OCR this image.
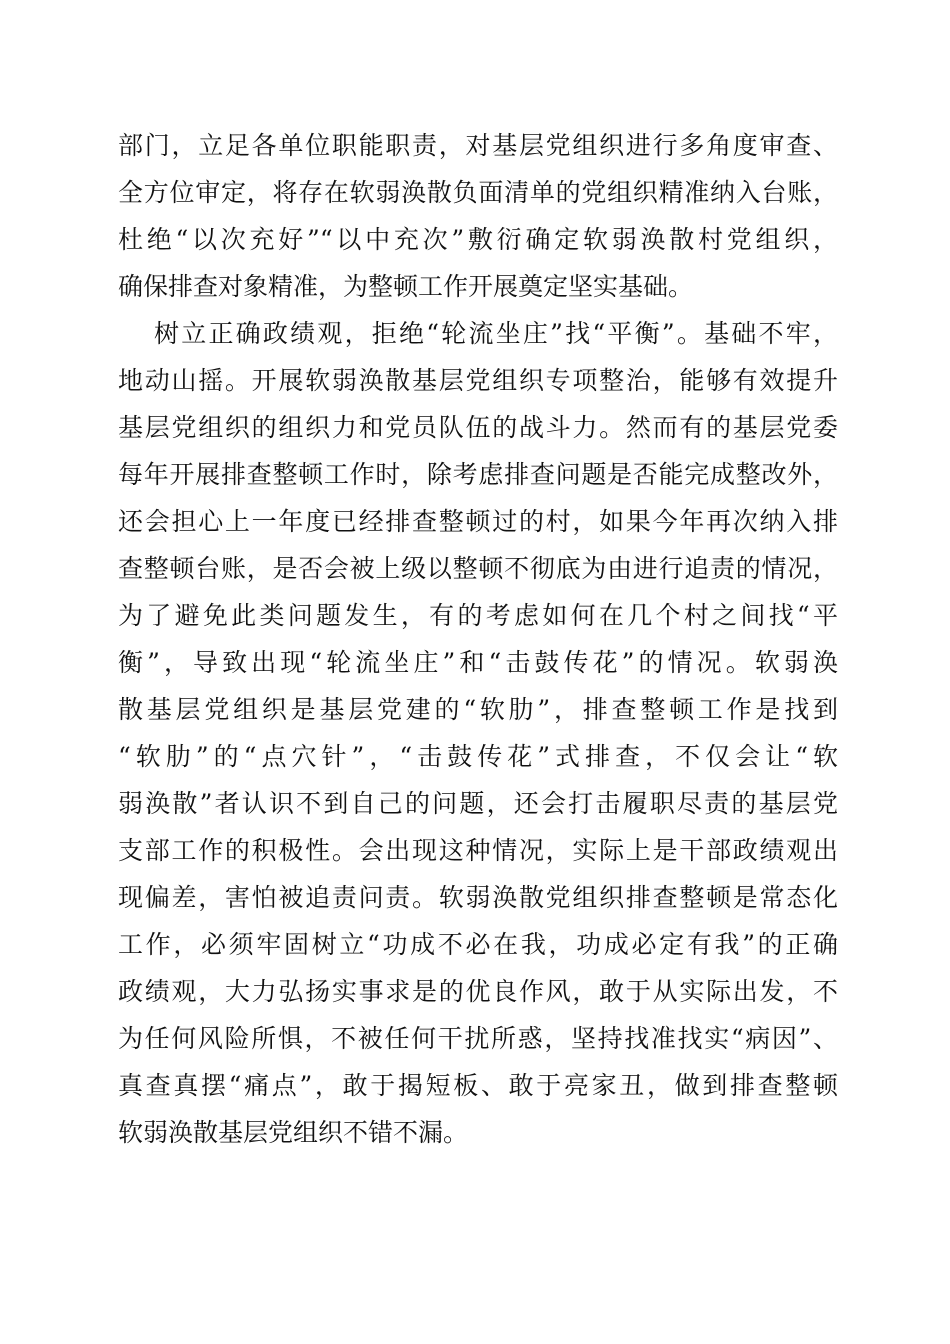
部门，立足各单位职能职责，对基层党组织进行多角度审查、
全方位审定，将存在软弱涣散负面清单的党组织精准纳入台账，
杜绝“以次充好”“以中充次”敷衍确定软弱涣散村党组织，
确保排查对象精准，为整顿工作开展奠定坚实基础。
树立正确政绩观，拒绝“轮流坐庄”找“平衡”。基础不牢，
地动山摇。开展软弱涣散基层党组织专项整治，能够有效提升
基层党组织的组织力和党员队伍的战斗力。然而有的基层党委
每年开展排查整顿工作时，除考虑排查问题是否能完成整改外，
还会担心上一年度已经排查整顿过的村，如果今年再次纳入排
查整顿台账，是否会被上级以整顿不彻底为由进行追责的情况，
为了避免此类问题发生，有的考虑如何在几个村之间找“平
衡”，导致出现“轮流坐庄”和“击鼓传花”的情况。软弱涣
散基层党组织是基层党建的“软肋”，排查整顿工作是找到
“软肋”的“点穴针”，“击鼓传花”式排查，不仅会让“软
弱涣散”者认识不到自己的问题，还会打击履职尽责的基层党
支部工作的积极性。会出现这种情况，实际上是干部政绩观出
现偏差，害怕被追责问责。软弱涣散党组织排查整顿是常态化
工作，必须牢固树立“功成不必在我，功成必定有我”的正确
政绩观，大力弘扬实事求是的优良作风，敢于从实际出发，不
为任何风险所惧，不被任何干扰所惑，坚持找准找实“病因”、
真查真摆“痛点”，敢于揭短板、敢于亮家丑，做到排查整顿
软弱涣散基层党组织不错不漏。
